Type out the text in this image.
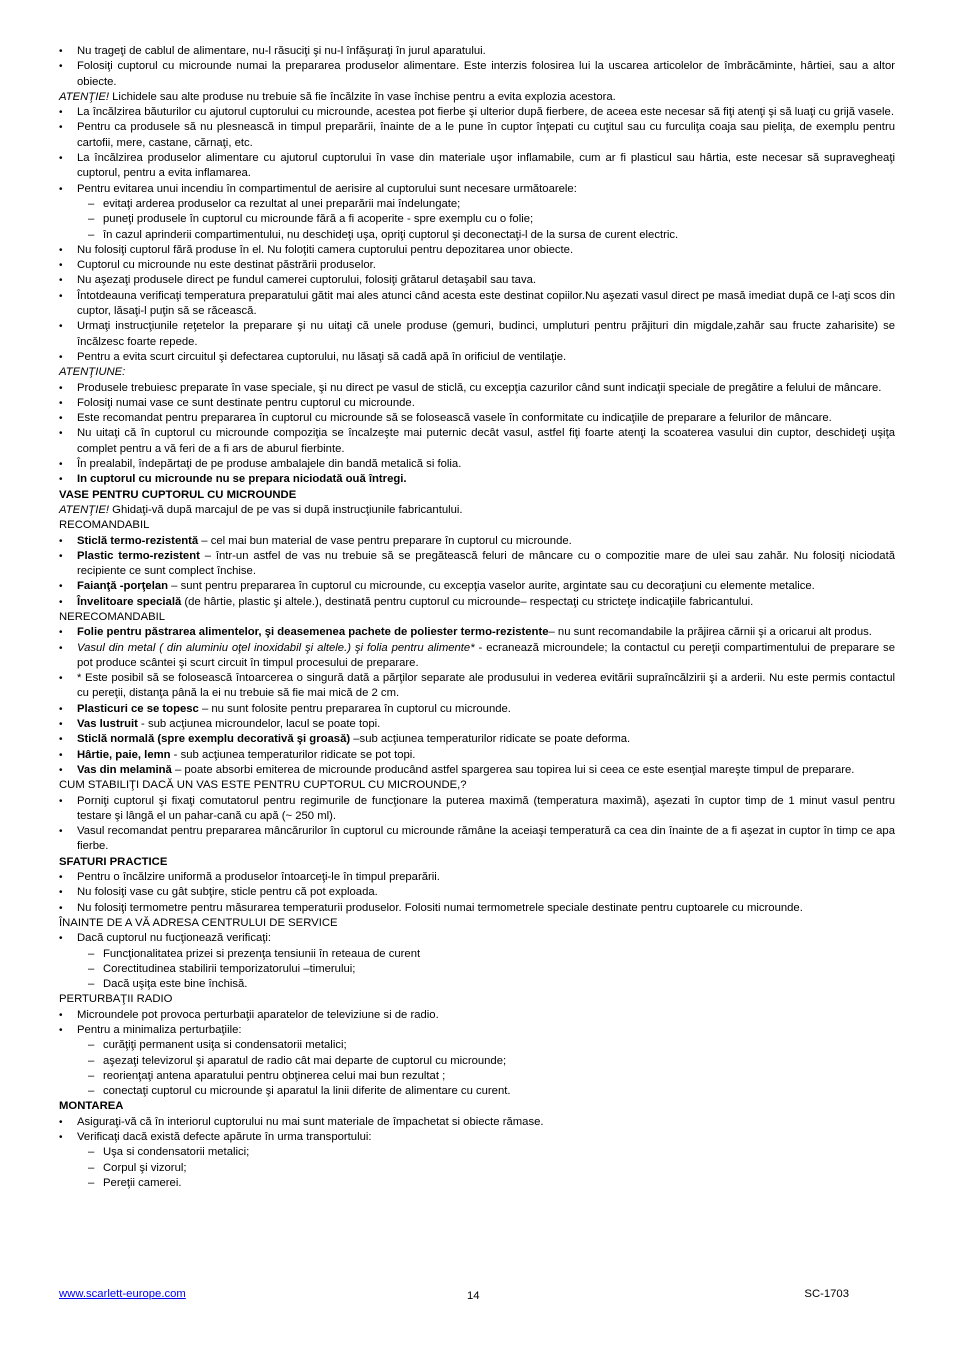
• Nu trageţi de cablul de alimentare, nu-l răsuciţi şi nu-l înfăşuraţi în jurul aparatului.
• Folosiţi cuptorul cu microunde numai la prepararea produselor alimentare. Este interzis folosirea lui la uscarea articolelor de îmbrăcăminte, hârtiei, sau a altor obiecte.
ATENŢIE! Lichidele sau alte produse nu trebuie să fie încălzite în vase închise pentru a evita explozia acestora.
• La încălzirea băuturilor cu ajutorul cuptorului cu microunde, acestea pot fierbe şi ulterior după fierbere, de aceea este necesar să fiţi atenţi şi să luaţi cu grijă vasele.
• Pentru ca produsele să nu plesnească in timpul preparării, înainte de a le pune în cuptor înţepati cu cuţitul sau cu furculiţa coaja sau pieliţa, de exemplu pentru cartofii, mere, castane, cărnaţi, etc.
• La încălzirea produselor alimentare cu ajutorul cuptorului în vase din materiale uşor inflamabile, cum ar fi plasticul sau hârtia, este necesar să supravegheaţi cuptorul, pentru a evita inflamarea.
• Pentru evitarea unui incendiu în compartimentul de aerisire al cuptorului sunt necesare următoarele:
– evitaţi arderea produselor ca rezultat al unei preparării mai îndelungate;
– puneţi produsele în cuptorul cu microunde fără a fi acoperite - spre exemplu cu o folie;
– în cazul aprinderii compartimentului, nu deschideţi uşa, opriţi cuptorul şi deconectaţi-l de la sursa de curent electric.
• Nu folosiţi cuptorul fără produse în el. Nu foloţiti camera cuptorului pentru depozitarea unor obiecte.
• Cuptorul cu microunde nu este destinat păstrării produselor.
• Nu aşezaţi produsele direct pe fundul camerei cuptorului, folosiţi grătarul detaşabil sau tava.
• Întotdeauna verificaţi temperatura preparatului gătit mai ales atunci când acesta este destinat copiilor.Nu aşezati vasul direct pe masă imediat după ce l-aţi scos din cuptor, lăsaţi-l puţin să se răcească.
• Urmaţi instrucţiunile reţetelor la preparare şi nu uitaţi că unele produse (gemuri, budinci, umpluturi pentru prăjituri din migdale,zahăr sau fructe zaharisite) se încălzesc foarte repede.
• Pentru a evita scurt circuitul şi defectarea cuptorului, nu lăsaţi să cadă apă în orificiul de ventilaţie.
ATENŢIUNE:
• Produsele trebuiesc preparate în vase speciale, şi nu direct pe vasul de sticlă, cu excepţia cazurilor când sunt indicaţii speciale de pregătire a felului de mâncare.
• Folosiţi numai vase ce sunt destinate pentru cuptorul cu microunde.
• Este recomandat pentru prepararea în cuptorul cu microunde să se folosească vasele în conformitate cu indicaţiile de preparare a felurilor de mâncare.
• Nu uitaţi că în cuptorul cu microunde compoziţia se încalzeşte mai puternic decât vasul, astfel fiţi foarte atenţi la scoaterea vasului din cuptor, deschideţi uşiţa complet pentru a vă feri de a fi ars de aburul fierbinte.
• În prealabil, îndepărtaţi de pe produse ambalajele din bandă metalică si folia.
• In cuptorul cu microunde nu se prepara niciodată ouă întregi.
VASE PENTRU CUPTORUL CU MICROUNDE
ATENŢIE! Ghidaţi-vă după marcajul de pe vas si după instrucţiunile fabricantului.
RECOMANDABIL
• Sticlă termo-rezistentă – cel mai bun material de vase pentru preparare în cuptorul cu microunde.
• Plastic termo-rezistent – într-un astfel de vas nu trebuie să se pregătească feluri de mâncare cu o compozitie mare de ulei sau zahăr. Nu folosiţi niciodată recipiente ce sunt complect închise.
• Faianţă -porţelan – sunt pentru prepararea în cuptorul cu microunde, cu excepţia vaselor aurite, argintate sau cu decoraţiuni cu elemente metalice.
• Învelitoare specială (de hârtie, plastic şi altele.), destinată pentru cuptorul cu microunde– respectaţi cu stricteţe indicaţiile fabricantului.
NERECOMANDABIL
• Folie pentru păstrarea alimentelor, şi deasemenea pachete de poliester termo-rezistente– nu sunt recomandabile la prăjirea cărnii şi a oricarui alt produs.
• Vasul din metal ( din aluminiu oţel inoxidabil şi altele.) şi folia pentru alimente* - ecranează microundele; la contactul cu pereţii compartimentului de preparare se pot produce scântei şi scurt circuit în timpul procesului de preparare.
• * Este posibil să se folosească întoarcerea o singură dată a părţilor separate ale produsului in vederea evitării supraîncălzirii şi a arderii. Nu este permis contactul cu pereţii, distanţa până la ei nu trebuie să fie mai mică de 2 cm.
• Plasticuri ce se topesc – nu sunt folosite pentru prepararea în cuptorul cu microunde.
• Vas lustruit - sub acţiunea microundelor, lacul se poate topi.
• Sticlă normală (spre exemplu decorativă şi groasă) –sub acţiunea temperaturilor ridicate se poate deforma.
• Hârtie, paie, lemn - sub acţiunea temperaturilor ridicate se pot topi.
• Vas din melamină – poate absorbi emiterea de microunde producând astfel spargerea sau topirea lui si ceea ce este esenţial mareşte timpul de preparare.
CUM STABILIŢI DACĂ UN VAS ESTE PENTRU CUPTORUL CU MICROUNDE,?
• Porniţi cuptorul şi fixaţi comutatorul pentru regimurile de funcţionare la puterea maximă (temperatura maximă), aşezati în cuptor timp de 1 minut vasul pentru testare şi lângă el un pahar-cană cu apă (~ 250 ml).
• Vasul recomandat pentru prepararea mâncărurilor în cuptorul cu microunde rămâne la aceiaşi temperatură ca cea din înainte de a fi aşezat in cuptor în timp ce apa fierbe.
SFATURI PRACTICE
• Pentru o încălzire uniformă a produselor întoarceţi-le în timpul preparării.
• Nu folosiţi vase cu gât subţire, sticle pentru că pot exploada.
• Nu folosiţi termometre pentru măsurarea temperaturii produselor. Folositi numai termometrele speciale destinate pentru cuptoarele cu microunde.
ÎNAINTE DE A VĂ ADRESA CENTRULUI DE SERVICE
• Dacă cuptorul nu fucţionează verificaţi:
– Funcţionalitatea prizei si prezenţa tensiunii în reteaua de curent
– Corectitudinea stabilirii temporizatorului –timerului;
– Dacă uşiţa este bine închisă.
PERTURBAŢII RADIO
• Microundele pot provoca perturbaţii aparatelor de televiziune si de radio.
• Pentru a minimaliza perturbaţiile:
– curăţiţi permanent usiţa si condensatorii metalici;
– aşezaţi televizorul şi aparatul de radio cât mai departe de cuptorul cu microunde;
– reorienţaţi antena aparatului pentru obţinerea celui mai bun rezultat ;
– conectaţi cuptorul cu microunde şi aparatul la linii diferite de alimentare cu curent.
MONTAREA
• Asiguraţi-vă că în interiorul cuptorului nu mai sunt materiale de împachetat si obiecte rămase.
• Verificaţi dacă există defecte apărute în urma transportului:
– Uşa si condensatorii metalici;
– Corpul şi vizorul;
– Pereţii camerei.
www.scarlett-europe.com	14	SC-1703
